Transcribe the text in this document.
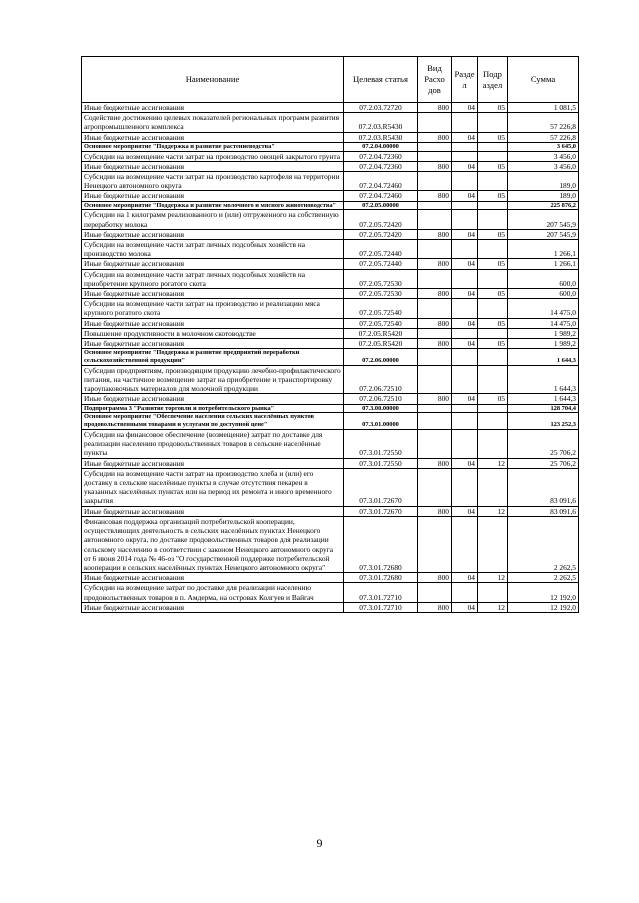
Наименование	Целевая статья	Вид Расхо дов	Разде л	Подр аздел	Сумма
Иные бюджетные ассигнования	07.2.03.72720	800	04	05	1 081,5
Содействие достижению целевых показателей региональных программ развития агропромышленного комплекса	07.2.03.R5430				57 226,8
Иные бюджетные ассигнования	07.2.03.R5430	800	04	05	57 226,8
Основное мероприятие "Поддержка и развитие растениеводства"	07.2.04.00000				3 645,0
Субсидии на возмещение части затрат на производство овощей закрытого грунта	07.2.04.72360				3 456,0
Иные бюджетные ассигнования	07.2.04.72360	800	04	05	3 456,0
Субсидии на возмещение части затрат на производство картофеля на территории Ненецкого автономного округа	07.2.04.72460				189,0
Иные бюджетные ассигнования	07.2.04.72460	800	04	05	189,0
Основное мероприятие "Поддержка и развитие молочного и мясного животноводства"	07.2.05.00000				225 876,2
Субсидии на 1 килограмм реализованного и (или) отгруженного на собственную переработку молока	07.2.05.72420				207 545,9
Иные бюджетные ассигнования	07.2.05.72420	800	04	05	207 545,9
Субсидии на возмещение части затрат личных подсобных хозяйств на производство молока	07.2.05.72440				1 266,1
Иные бюджетные ассигнования	07.2.05.72440	800	04	05	1 266,1
Субсидии на возмещение части затрат личных подсобных хозяйств на приобретение крупного рогатого скота	07.2.05.72530				600,0
Иные бюджетные ассигнования	07.2.05.72530	800	04	05	600,0
Субсидии на возмещение части затрат на производство и реализацию мяса крупного рогатого скота	07.2.05.72540				14 475,0
Иные бюджетные ассигнования	07.2.05.72540	800	04	05	14 475,0
Повышение продуктивности в молочном скотоводстве	07.2.05.R5420				1 989,2
Иные бюджетные ассигнования	07.2.05.R5420	800	04	05	1 989,2
Основное мероприятие "Поддержка и развитие предприятий переработки сельскохозяйственной продукции"	07.2.06.00000				1 644,3
Субсидии предприятиям, производящим продукцию лечебно-профилактического питания, на частичное возмещение затрат на приобретение и транспортировку тароупаковочных материалов для молочной продукции	07.2.06.72510				1 644,3
Иные бюджетные ассигнования	07.2.06.72510	800	04	05	1 644,3
Подпрограмма 3 "Развитие торговли и потребительского рынка"	07.3.00.00000				128 704,4
Основное мероприятие "Обеспечение населения сельских населённых пунктов продовольственными товарами и услугами по доступной цене"	07.3.01.00000				123 252,3
Субсидии на финансовое обеспечение (возмещение) затрат по доставке для реализации населению продовольственных товаров в сельские населённые пункты	07.3.01.72550				25 706,2
Иные бюджетные ассигнования	07.3.01.72550	800	04	12	25 706,2
Субсидии на возмещение части затрат на производство хлеба и (или) его доставку в сельские населённые пункты в случае отсутствия пекарен в указанных населённых пунктах или на период их ремонта и иного временного закрытия	07.3.01.72670				83 091,6
Иные бюджетные ассигнования	07.3.01.72670	800	04	12	83 091,6
Финансовая поддержка организаций потребительской кооперации, осуществляющих деятельность в сельских населённых пунктах Ненецкого автономного округа, по доставке продовольственных товаров для реализации сельскому населению в соответствии с законом Ненецкого автономного округа от 6 июня 2014 года № 46-оз "О государственной поддержке потребительской кооперации в сельских населённых пунктах Ненецкого автономного округа"	07.3.01.72680				2 262,5
Иные бюджетные ассигнования	07.3.01.72680	800	04	12	2 262,5
Субсидии на возмещение затрат по доставке для реализации населению продовольственных товаров в п. Амдерма, на островах Колгуев и Вайгач	07.3.01.72710				12 192,0
Иные бюджетные ассигнования	07.3.01.72710	800	04	12	12 192,0
9
